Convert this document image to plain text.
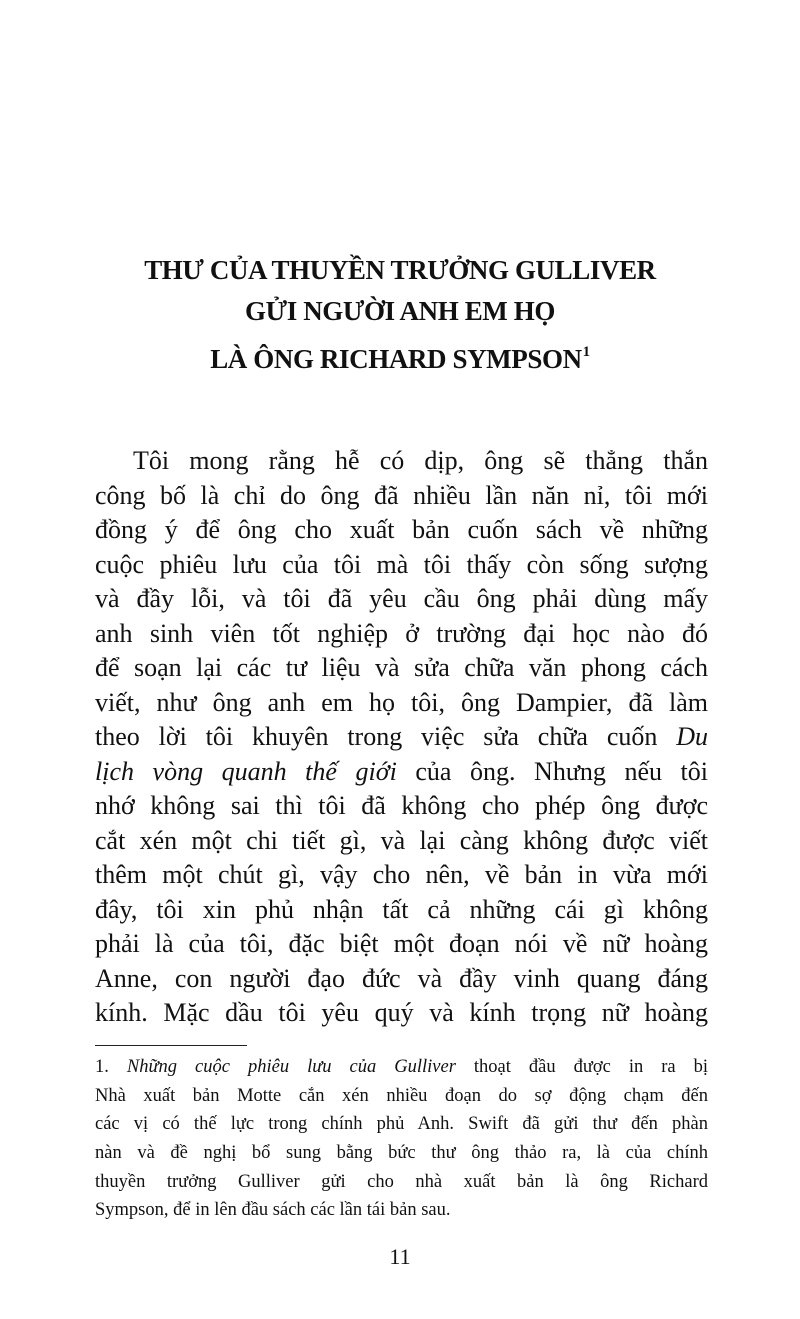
THƯ CỦA THUYỀN TRƯỞNG GULLIVER
GỬI NGƯỜI ANH EM HỌ
LÀ ÔNG RICHARD SYMPSON$^1$
Tôi mong rằng hễ có dịp, ông sẽ thẳng thắn
công bố là chỉ do ông đã nhiều lần năn nỉ, tôi mới
đồng ý để ông cho xuất bản cuốn sách về những
cuộc phiêu lưu của tôi mà tôi thấy còn sống sượng
và đầy lỗi, và tôi đã yêu cầu ông phải dùng mấy
anh sinh viên tốt nghiệp ở trường đại học nào đó
để soạn lại các tư liệu và sửa chữa văn phong cách
viết, như ông anh em họ tôi, ông Dampier, đã làm
theo lời tôi khuyên trong việc sửa chữa cuốn Du
lịch vòng quanh thế giới của ông. Nhưng nếu tôi
nhớ không sai thì tôi đã không cho phép ông được
cắt xén một chi tiết gì, và lại càng không được viết
thêm một chút gì, vậy cho nên, về bản in vừa mới
đây, tôi xin phủ nhận tất cả những cái gì không
phải là của tôi, đặc biệt một đoạn nói về nữ hoàng
Anne, con người đạo đức và đầy vinh quang đáng
kính. Mặc dầu tôi yêu quý và kính trọng nữ hoàng
1. Những cuộc phiêu lưu của Gulliver thoạt đầu được in ra bị
Nhà xuất bản Motte cắn xén nhiều đoạn do sợ động chạm đến
các vị có thế lực trong chính phủ Anh. Swift đã gửi thư đến phàn
nàn và đề nghị bổ sung bằng bức thư ông thảo ra, là của chính
thuyền trưởng Gulliver gửi cho nhà xuất bản là ông Richard
Sympson, để in lên đầu sách các lần tái bản sau.
11
